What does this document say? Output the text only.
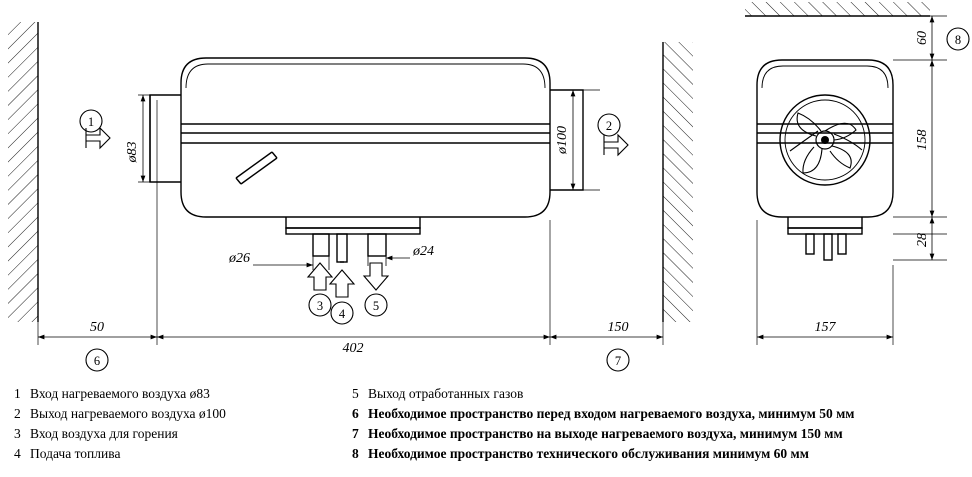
ø83	ø100
ø26	ø24
1	2
3
4
5
50
402
150
6	7
60
158
28
8
157
1 Вход нагреваемого воздуха ø83
2 Выход нагреваемого воздуха ø100
3 Вход воздуха для горения
4 Подача топлива
5 Выход отработанных газов
6 Необходимое пространство перед входом нагреваемого воздуха, минимум 50 мм
7 Необходимое пространство на выходе нагреваемого воздуха, минимум 150 мм
8 Необходимое пространство технического обслуживания минимум 60 мм
